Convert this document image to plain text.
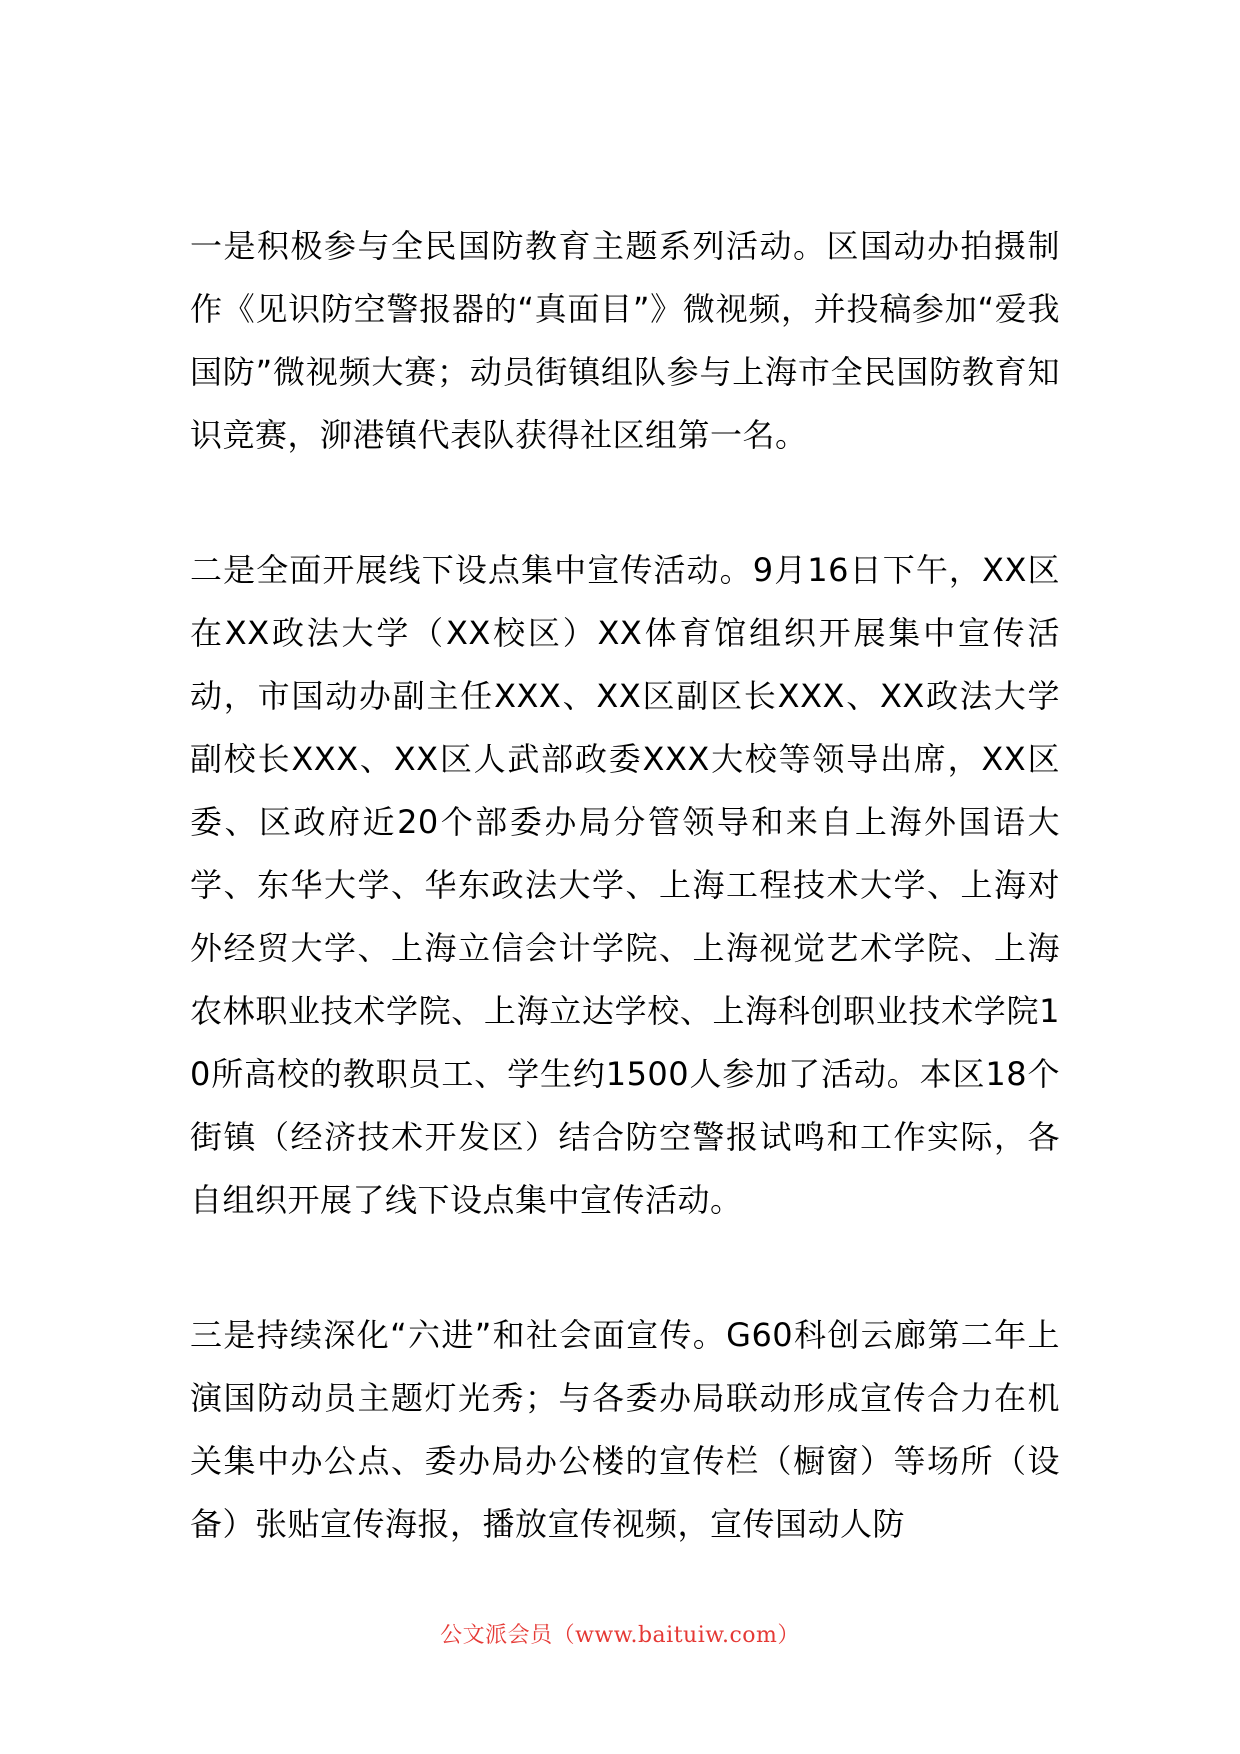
一是积极参与全民国防教育主题系列活动。区国动办拍摄制作《见识防空警报器的“真面目”》微视频，并投稿参加“爱我国防”微视频大赛；动员街镇组队参与上海市全民国防教育知识竞赛，泖港镇代表队获得社区组第一名。

二是全面开展线下设点集中宣传活动。9月16日下午，XX区在XX政法大学（XX校区）XX体育馆组织开展集中宣传活动，市国动办副主任XXX、XX区副区长XXX、XX政法大学副校长XXX、XX区人武部政委XXX大校等领导出席，XX区委、区政府近20个部委办局分管领导和来自上海外国语大学、东华大学、华东政法大学、上海工程技术大学、上海对外经贸大学、上海立信会计学院、上海视觉艺术学院、上海农林职业技术学院、上海立达学校、上海科创职业技术学院10所高校的教职员工、学生约1500人参加了活动。本区18个街镇（经济技术开发区）结合防空警报试鸣和工作实际，各自组织开展了线下设点集中宣传活动。

三是持续深化“六进”和社会面宣传。G60科创云廊第二年上演国防动员主题灯光秀；与各委办局联动形成宣传合力在机关集中办公点、委办局办公楼的宣传栏（橱窗）等场所（设备）张贴宣传海报，播放宣传视频，宣传国动人防

公文派会员（www.baituiw.com）
